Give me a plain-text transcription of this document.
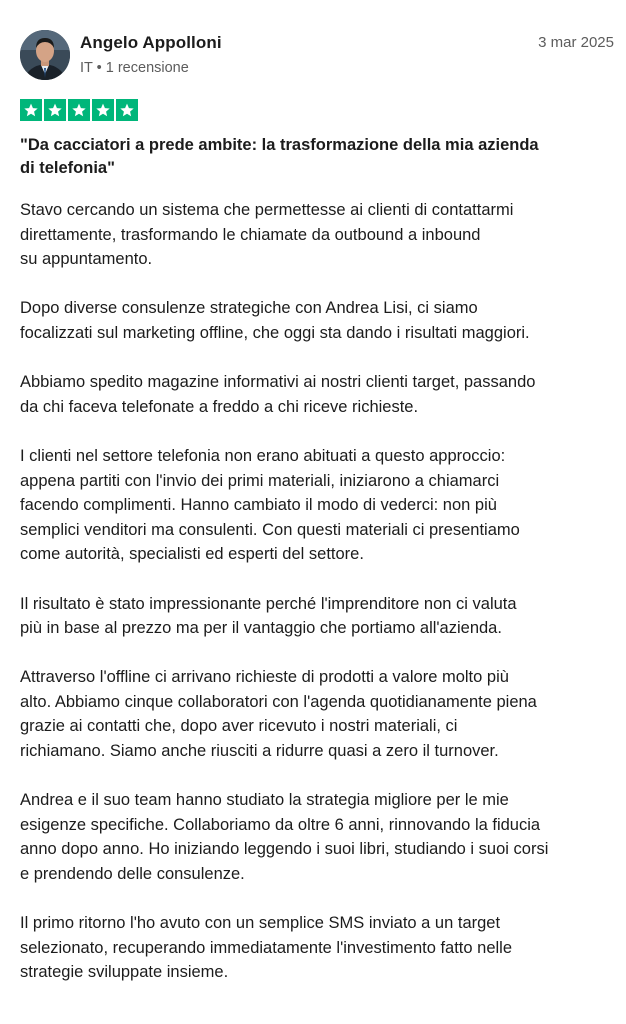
Angelo Appolloni
IT • 1 recensione
3 mar 2025
"Da cacciatori a prede ambite: la trasformazione della mia azienda
di telefonia"

Stavo cercando un sistema che permettesse ai clienti di contattarmi
direttamente, trasformando le chiamate da outbound a inbound
su appuntamento.

Dopo diverse consulenze strategiche con Andrea Lisi, ci siamo
focalizzati sul marketing offline, che oggi sta dando i risultati maggiori.

Abbiamo spedito magazine informativi ai nostri clienti target, passando
da chi faceva telefonate a freddo a chi riceve richieste.

I clienti nel settore telefonia non erano abituati a questo approccio:
appena partiti con l'invio dei primi materiali, iniziarono a chiamarci
facendo complimenti. Hanno cambiato il modo di vederci: non più
semplici venditori ma consulenti. Con questi materiali ci presentiamo
come autorità, specialisti ed esperti del settore.

Il risultato è stato impressionante perché l'imprenditore non ci valuta
più in base al prezzo ma per il vantaggio che portiamo all'azienda.

Attraverso l'offline ci arrivano richieste di prodotti a valore molto più
alto. Abbiamo cinque collaboratori con l'agenda quotidianamente piena
grazie ai contatti che, dopo aver ricevuto i nostri materiali, ci
richiamano. Siamo anche riusciti a ridurre quasi a zero il turnover.

Andrea e il suo team hanno studiato la strategia migliore per le mie
esigenze specifiche. Collaboriamo da oltre 6 anni, rinnovando la fiducia
anno dopo anno. Ho iniziando leggendo i suoi libri, studiando i suoi corsi
e prendendo delle consulenze.

Il primo ritorno l'ho avuto con un semplice SMS inviato a un target
selezionato, recuperando immediatamente l'investimento fatto nelle
strategie sviluppate insieme.
